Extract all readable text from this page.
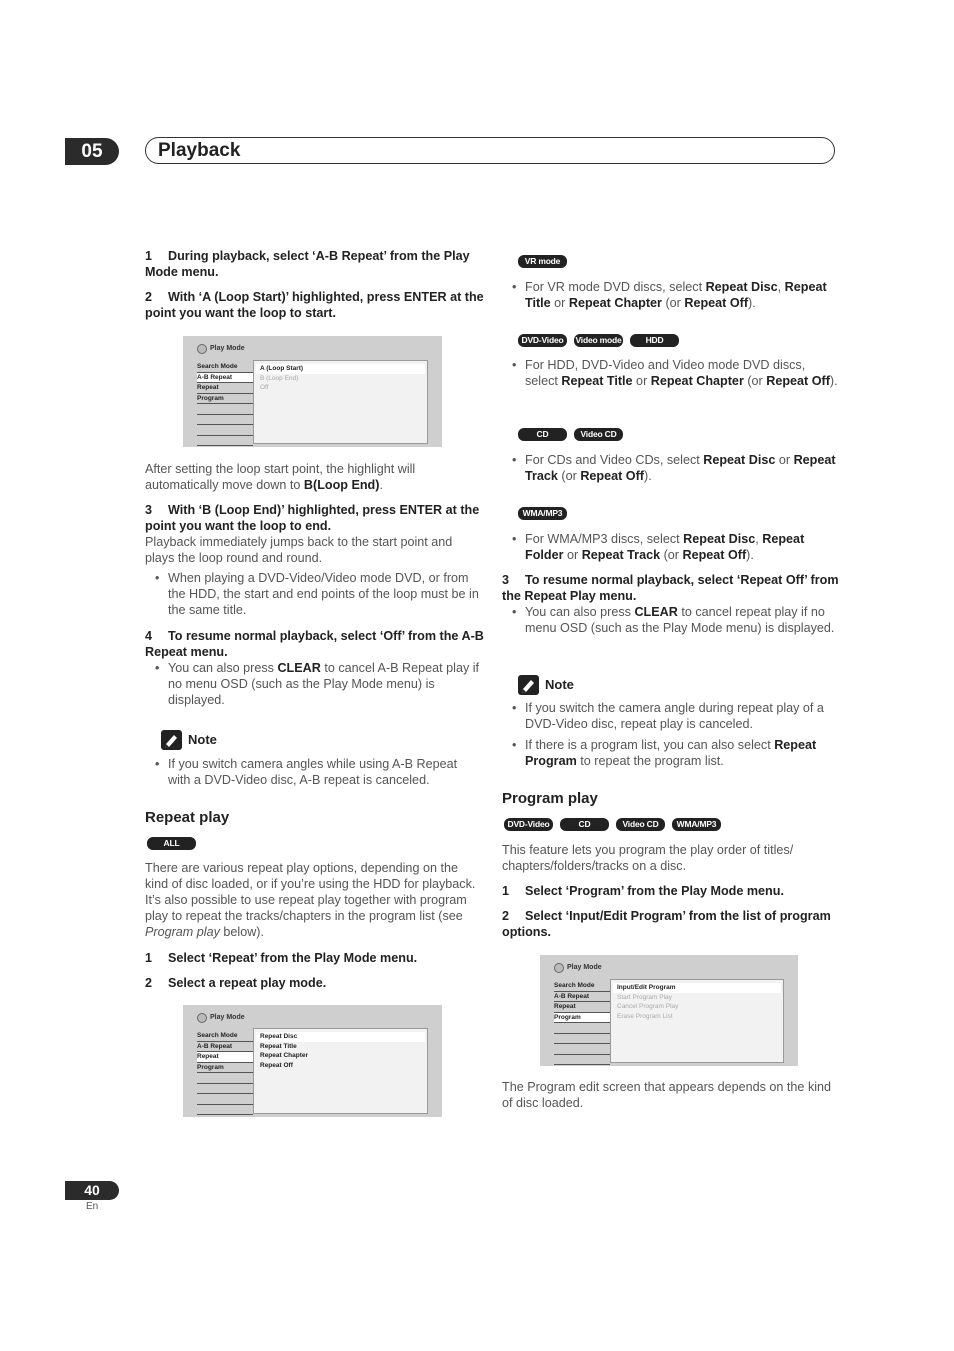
05	Playback
1 During playback, select ‘A-B Repeat’ from the Play Mode menu.
2 With ‘A (Loop Start)’ highlighted, press ENTER at the point you want the loop to start.
Play Mode
Search Mode
A-B Repeat
Repeat
Program
A (Loop Start)
B (Loop End)
Off
After setting the loop start point, the highlight will automatically move down to B(Loop End).
3 With ‘B (Loop End)’ highlighted, press ENTER at the point you want the loop to end.
Playback immediately jumps back to the start point and plays the loop round and round.
• When playing a DVD-Video/Video mode DVD, or from the HDD, the start and end points of the loop must be in the same title.
4 To resume normal playback, select ‘Off’ from the A-B Repeat menu.
• You can also press CLEAR to cancel A-B Repeat play if no menu OSD (such as the Play Mode menu) is displayed.
Note
• If you switch camera angles while using A-B Repeat with a DVD-Video disc, A-B repeat is canceled.
Repeat play
ALL
There are various repeat play options, depending on the kind of disc loaded, or if you’re using the HDD for playback. It’s also possible to use repeat play together with program play to repeat the tracks/chapters in the program list (see Program play below).
1 Select ‘Repeat’ from the Play Mode menu.
2 Select a repeat play mode.
Play Mode
Search Mode
A-B Repeat
Repeat
Program
Repeat Disc
Repeat Title
Repeat Chapter
Repeat Off
VR mode
• For VR mode DVD discs, select Repeat Disc, Repeat Title or Repeat Chapter (or Repeat Off).
DVD-Video	Video mode	HDD
• For HDD, DVD-Video and Video mode DVD discs, select Repeat Title or Repeat Chapter (or Repeat Off).
CD	Video CD
• For CDs and Video CDs, select Repeat Disc or Repeat Track (or Repeat Off).
WMA/MP3
• For WMA/MP3 discs, select Repeat Disc, Repeat Folder or Repeat Track (or Repeat Off).
3 To resume normal playback, select ‘Repeat Off’ from the Repeat Play menu.
• You can also press CLEAR to cancel repeat play if no menu OSD (such as the Play Mode menu) is displayed.
Note
• If you switch the camera angle during repeat play of a DVD-Video disc, repeat play is canceled.
• If there is a program list, you can also select Repeat Program to repeat the program list.
Program play
DVD-Video	CD	Video CD	WMA/MP3
This feature lets you program the play order of titles/ chapters/folders/tracks on a disc.
1 Select ‘Program’ from the Play Mode menu.
2 Select ‘Input/Edit Program’ from the list of program options.
Play Mode
Search Mode
A-B Repeat
Repeat
Program
Input/Edit Program
Start Program Play
Cancel Program Play
Erase Program List
The Program edit screen that appears depends on the kind of disc loaded.
40
En
